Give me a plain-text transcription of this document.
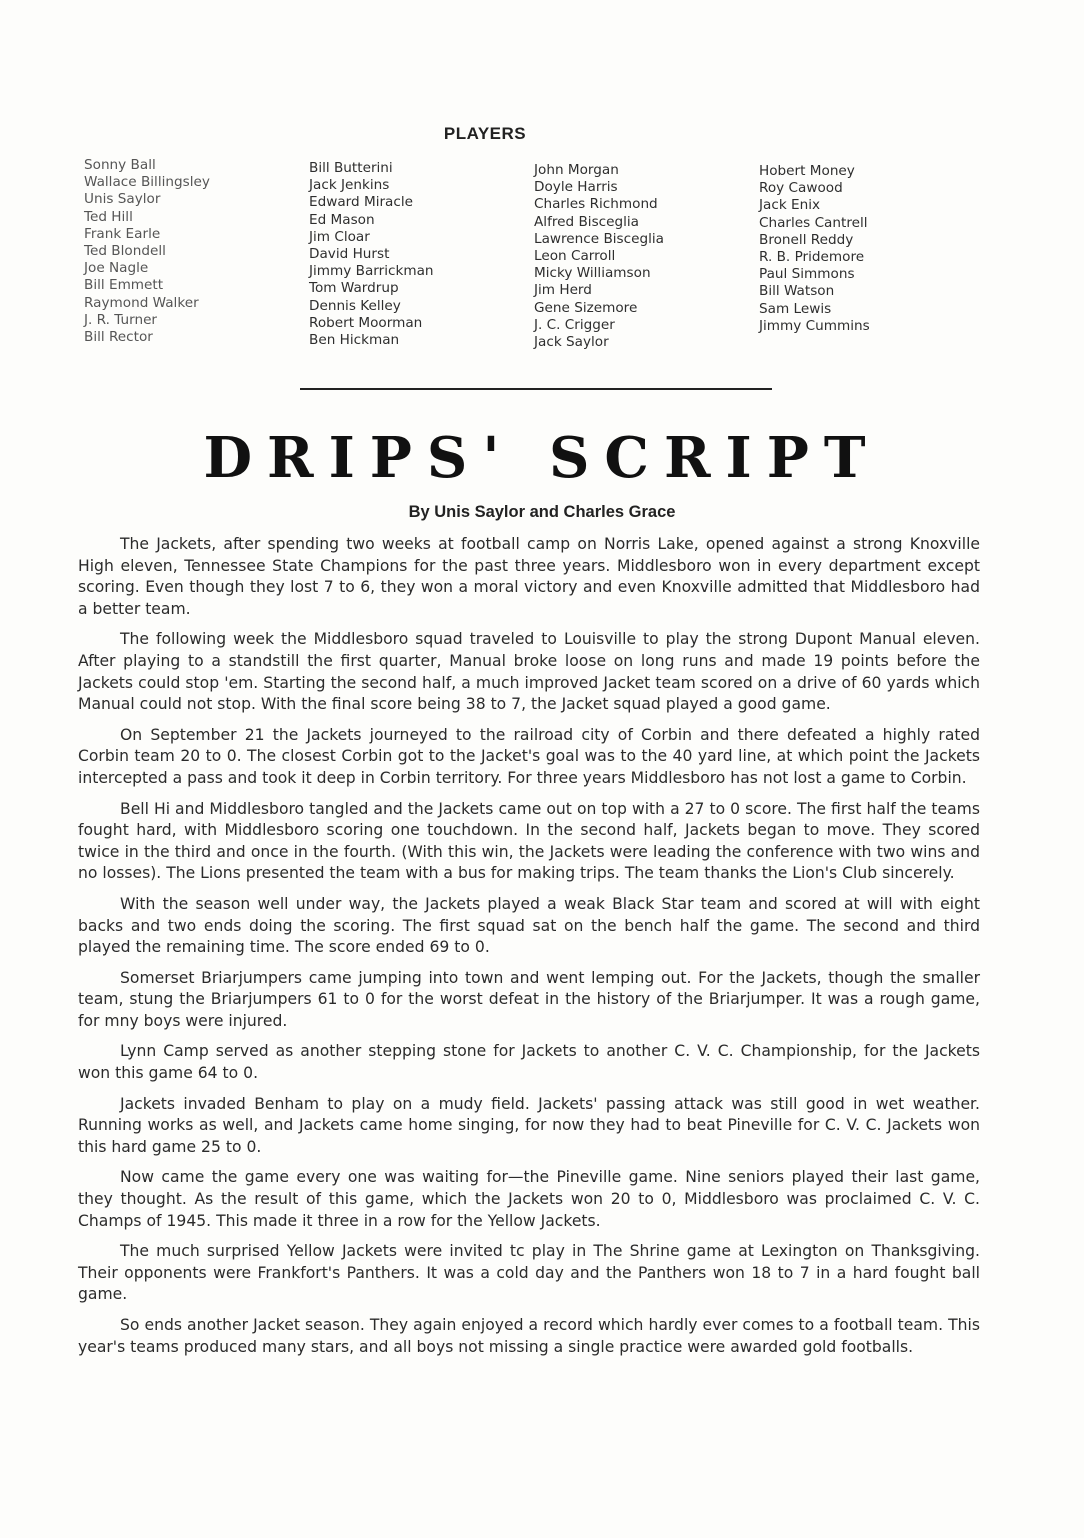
PLAYERS
Sonny Ball
Wallace Billingsley
Unis Saylor
Ted Hill
Frank Earle
Ted Blondell
Joe Nagle
Bill Emmett
Raymond Walker
J. R. Turner
Bill Rector
Bill Butterini
Jack Jenkins
Edward Miracle
Ed Mason
Jim Cloar
David Hurst
Jimmy Barrickman
Tom Wardrup
Dennis Kelley
Robert Moorman
Ben Hickman
John Morgan
Doyle Harris
Charles Richmond
Alfred Bisceglia
Lawrence Bisceglia
Leon Carroll
Micky Williamson
Jim Herd
Gene Sizemore
J. C. Crigger
Jack Saylor
Hobert Money
Roy Cawood
Jack Enix
Charles Cantrell
Bronell Reddy
R. B. Pridemore
Paul Simmons
Bill Watson
Sam Lewis
Jimmy Cummins
DRIPS' SCRIPT
By Unis Saylor and Charles Grace

The Jackets, after spending two weeks at football camp on Norris Lake, opened against a strong Knoxville High eleven, Tennessee State Champions for the past three years. Middlesboro won in every department except scoring. Even though they lost 7 to 6, they won a moral victory and even Knoxville admitted that Middlesboro had a better team.

The following week the Middlesboro squad traveled to Louisville to play the strong Dupont Manual eleven. After playing to a standstill the first quarter, Manual broke loose on long runs and made 19 points before the Jackets could stop 'em. Starting the second half, a much improved Jacket team scored on a drive of 60 yards which Manual could not stop. With the final score being 38 to 7, the Jacket squad played a good game.

On September 21 the Jackets journeyed to the railroad city of Corbin and there defeated a highly rated Corbin team 20 to 0. The closest Corbin got to the Jacket's goal was to the 40 yard line, at which point the Jackets intercepted a pass and took it deep in Corbin territory. For three years Middlesboro has not lost a game to Corbin.

Bell Hi and Middlesboro tangled and the Jackets came out on top with a 27 to 0 score. The first half the teams fought hard, with Middlesboro scoring one touchdown. In the second half, Jackets began to move. They scored twice in the third and once in the fourth. (With this win, the Jackets were leading the conference with two wins and no losses). The Lions presented the team with a bus for making trips. The team thanks the Lion's Club sincerely.

With the season well under way, the Jackets played a weak Black Star team and scored at will with eight backs and two ends doing the scoring. The first squad sat on the bench half the game. The second and third played the remaining time. The score ended 69 to 0.

Somerset Briarjumpers came jumping into town and went lemping out. For the Jackets, though the smaller team, stung the Briarjumpers 61 to 0 for the worst defeat in the history of the Briarjumper. It was a rough game, for mny boys were injured.

Lynn Camp served as another stepping stone for Jackets to another C. V. C. Championship, for the Jackets won this game 64 to 0.

Jackets invaded Benham to play on a mudy field. Jackets' passing attack was still good in wet weather. Running works as well, and Jackets came home singing, for now they had to beat Pineville for C. V. C. Jackets won this hard game 25 to 0.

Now came the game every one was waiting for—the Pineville game. Nine seniors played their last game, they thought. As the result of this game, which the Jackets won 20 to 0, Middlesboro was proclaimed C. V. C. Champs of 1945. This made it three in a row for the Yellow Jackets.

The much surprised Yellow Jackets were invited tc play in The Shrine game at Lexington on Thanksgiving. Their opponents were Frankfort's Panthers. It was a cold day and the Panthers won 18 to 7 in a hard fought ball game.

So ends another Jacket season. They again enjoyed a record which hardly ever comes to a football team. This year's teams produced many stars, and all boys not missing a single practice were awarded gold footballs.
